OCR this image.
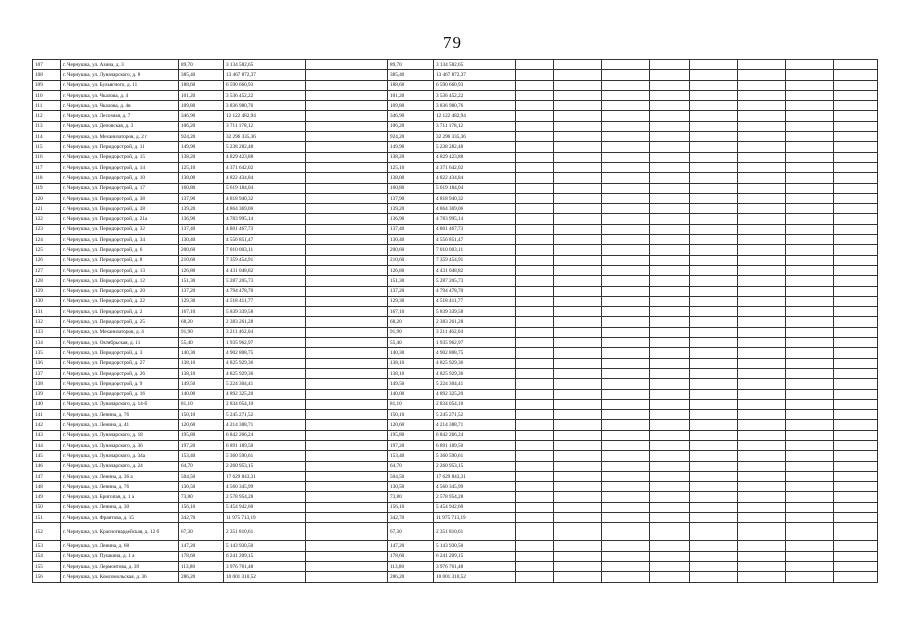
79
107	г. Чернушка, ул. Азина, д. 3	89,70	3 134 582,65		89,70	3 134 582,65								
108	г. Чернушка, ул. Луначарского, д. 8	385,40	13 467 872,37		385,40	13 467 872,37								
109	г. Чернушка, ул. Бульвгного, д. 11	188,60	6 590 660,93		188,60	6 590 660,93								
110	г. Чернушка, ул. Чкалова, д. 4	101,20	3 536 452,22		101,20	3 536 452,22								
111	г. Чернушка, ул. Чкалова, д. 4в	109,80	3 836 980,76		109,80	3 836 980,76								
112	г. Чернушка, ул. Лесозная, д. 7	346,90	12 122 482,94		346,90	12 122 482,94								
113	г. Чернушка, ул. Деповская, д. 3	106,20	3 711 178,12		106,20	3 711 178,12								
114	г. Чернушка, ул. Механизаторов, д. 2 г	924,20	32 296 335,36		924,20	32 296 335,36								
115	г. Чернушка, ул. Пермдорстрой, д. 11	149,90	5 238 282,48		149,90	5 238 282,48								
116	г. Чернушка, ул. Пермдорстрой, д. 15	138,20	4 829 423,88		138,20	4 829 423,88								
117	г. Чернушка, ул. Пермдорстрой, д. 14	125,10	4 371 642,02		125,10	4 371 642,02								
118	г. Чернушка, ул. Пермдорстрой, д. 10	138,00	4 822 434,84		138,00	4 822 434,84								
119	г. Чернушка, ул. Пермдорстрой, д. 17	160,80	5 619 184,04		160,80	5 619 184,04								
120	г. Чернушка, ул. Пермдорстрой, д. 38	137,90	4 818 940,32		137,90	4 818 940,32								
121	г. Чернушка, ул. Пермдорстрой, д. 28	139,20	4 864 369,06		139,20	4 864 369,06								
122	г. Чернушка, ул. Пермдорстрой, д. 21а	136,90	4 783 995,14		136,90	4 783 995,14								
123	г. Чернушка, ул. Пермдорстрой, д. 32	137,40	4 801 467,73		137,40	4 801 467,73								
124	г. Чернушка, ул. Пермдорстрой, д. 34	130,40	4 556 851,47		130,40	4 556 851,47								
125	г. Чернушка, ул. Пермдорстрой, д. 6	200,60	7 010 003,11		200,60	7 010 003,11								
126	г. Чернушка, ул. Пермдорстрой, д. 8	210,60	7 359 454,91		210,60	7 359 454,91								
127	г. Чернушка, ул. Пермдорстрой, д. 13	126,80	4 431 048,82		126,80	4 431 048,82								
128	г. Чернушка, ул. Пермдорстрой, д. 12	151,30	5 287 205,73		151,30	5 287 205,73								
129	г. Чернушка, ул. Пермдорстрой, д. 20	137,20	4 794 478,70		137,20	4 794 478,70								
130	г. Чернушка, ул. Пермдорстрой, д. 22	129,30	4 518 411,77		129,30	4 518 411,77								
131	г. Чернушка, ул. Пермдорстрой, д. 2	167,10	5 839 339,58		167,10	5 839 339,58								
132	г. Чернушка, ул. Пермдорстрой, д. 25	68,20	2 383 261,28		68,20	2 383 261,28								
133	г. Чернушка, ул. Механизаторов, д. 4	91,90	3 211 462,04		91,90	3 211 462,04								
134	г. Чернушка, ул. Октябрьская, д. 11	55,40	1 935 962,97		55,40	1 935 962,97								
135	г. Чернушка, ул. Пермдорстрой, д. 3	140,30	4 902 808,75		140,30	4 902 808,75								
136	г. Чернушка, ул. Пермдорстрой, д. 27	138,10	4 825 929,36		138,10	4 825 929,36								
137	г. Чернушка, ул. Пермдорстрой, д. 26	138,10	4 825 929,36		138,10	4 825 929,36								
138	г. Чернушка, ул. Пермдорстрой, д. 9	149,50	5 224 304,41		149,50	5 224 304,41								
139	г. Чернушка, ул. Пермдорстрой, д. 16	140,00	4 892 325,20		140,00	4 892 325,20								
140	г. Чернушка, ул. Луначарского, д. 14-б	81,10	2 834 054,10		81,10	2 834 054,10								
141	г. Чернушка, ул. Ленина, д. 76	150,10	5 245 271,52		150,10	5 245 271,52								
142	г. Чернушка, ул. Ленина, д. 41	120,60	4 214 388,71		120,60	4 214 388,71								
143	г. Чернушка, ул. Луначарского, д. 18	195,80	6 842 266,24		195,80	6 842 266,24								
144	г. Чернушка, ул. Луначарского, д. 36	197,20	6 891 189,50		197,20	6 891 189,50								
145	г. Чернушка, ул. Луначарского, д. 34а	153,40	5 360 590,61		153,40	5 360 590,61								
146	г. Чернушка, ул. Луначарского, д. 24	64,70	2 260 953,15		64,70	2 260 953,15								
147	г. Чернушка, ул. Ленина, д. 36 а	504,50	17 629 843,31		504,50	17 629 843,31								
148	г. Чернушка, ул. Ленина, д. 76	130,50	4 560 345,99		130,50	4 560 345,99								
149	г. Чернушка, ул. Бригопая, д. 1 а	73,80	2 578 954,28		73,80	2 578 954,28								
150	г. Чернушка, ул. Ленина, д. 30	156,10	5 454 942,60		156,10	5 454 942,60								
151	г. Чернушка, ул. Франтова, д. 15	342,70	11 975 713,19		342,70	11 975 713,19								
152	г. Чернушка, ул. Красногвардейская, д. 12 б	67,30	2 351 810,61		67,30	2 351 810,61								
153	г. Чернушка, ул. Ленина, д. 68	147,20	5 143 930,50		147,20	5 143 930,50								
154	г. Чернушка, ул. Пушкина, д. 1 а	178,60	6 241 209,15		178,60	6 241 209,15								
155	г. Чернушка, ул. Лермонтова, д. 39	113,80	3 976 761,48		113,80	3 976 761,48								
156	г. Чернушка, ул. Комсомольская, д. 36	286,20	10 001 310,52		286,20	10 001 310,52								
